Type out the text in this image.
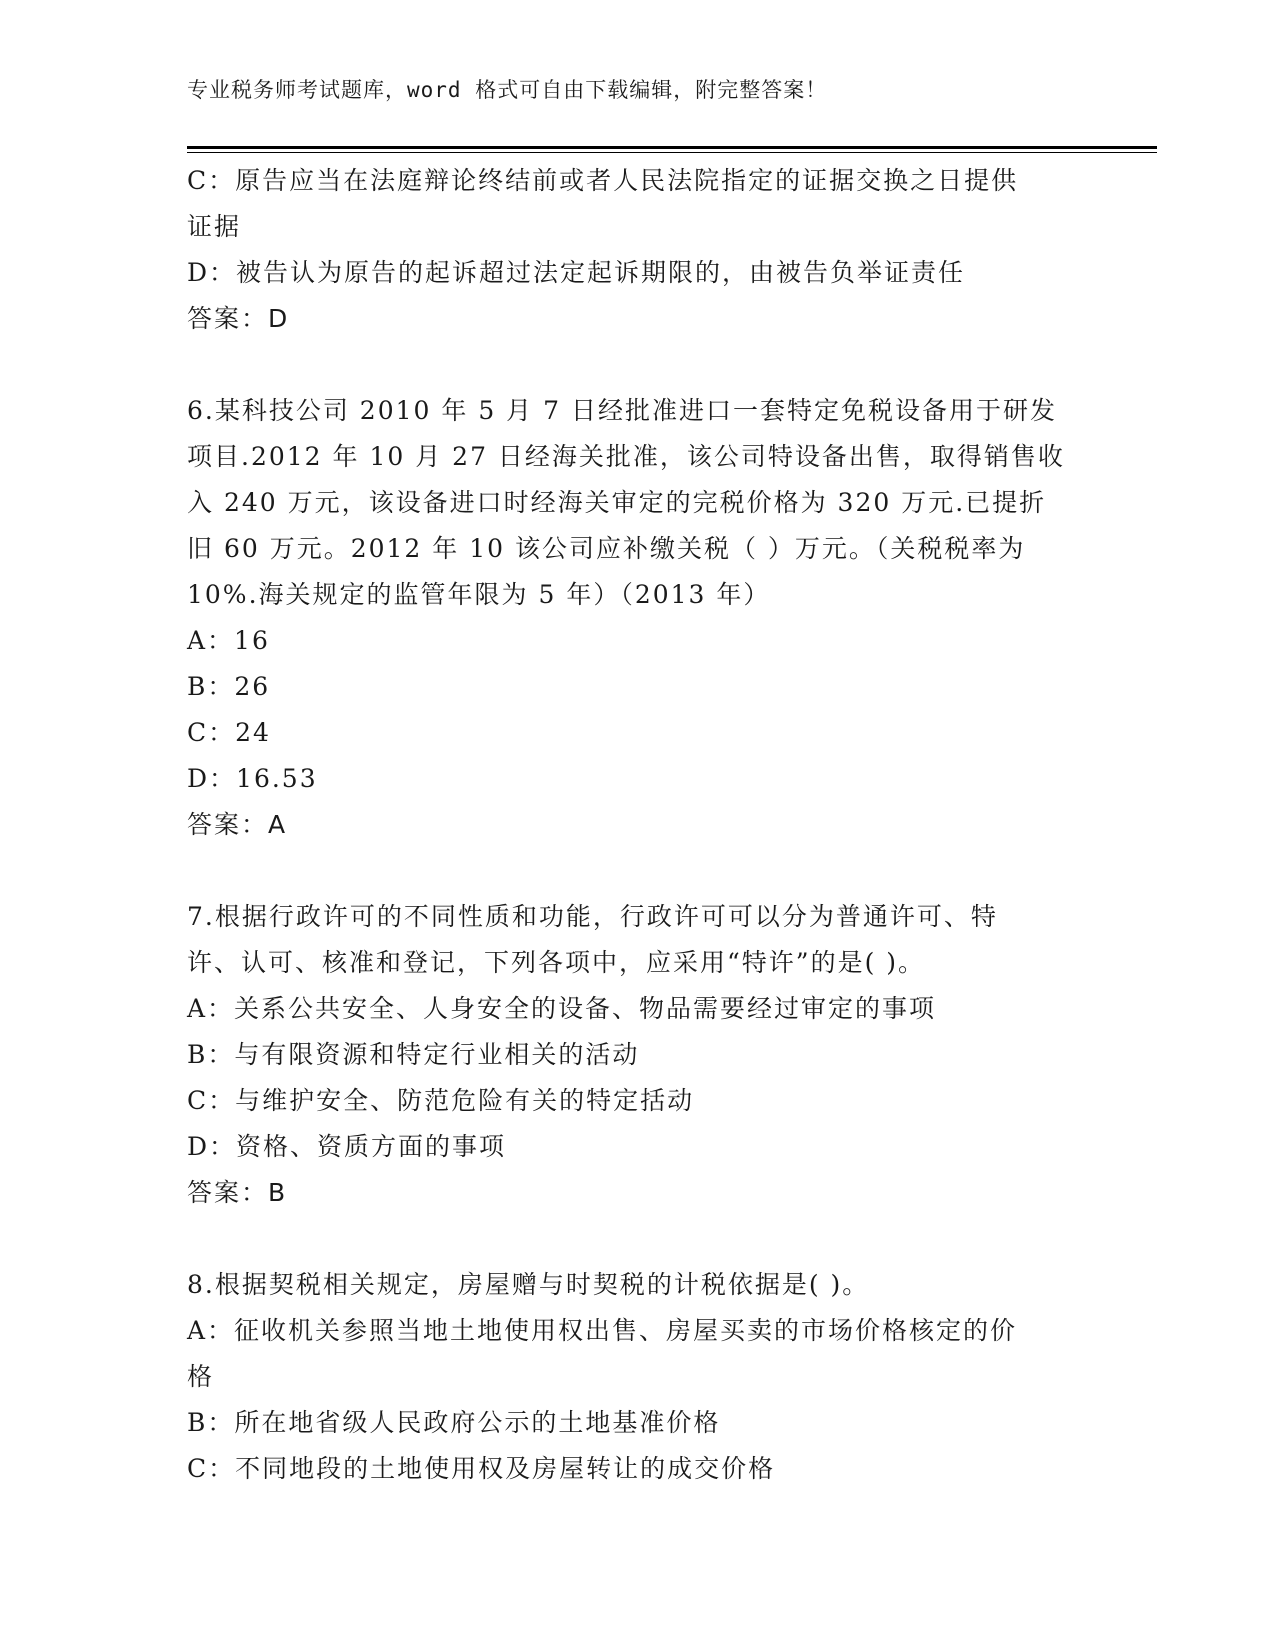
专业税务师考试题库，word 格式可自由下载编辑，附完整答案！
C：原告应当在法庭辩论终结前或者人民法院指定的证据交换之日提供
证据
D：被告认为原告的起诉超过法定起诉期限的，由被告负举证责任
答案：D
6.某科技公司 2010 年 5 月 7 日经批准进口一套特定免税设备用于研发
项目.2012 年 10 月 27 日经海关批准，该公司特设备出售，取得销售收
入 240 万元，该设备进口时经海关审定的完税价格为 320 万元.已提折
旧 60 万元。2012 年 10 该公司应补缴关税（ ）万元。（关税税率为
10%.海关规定的监管年限为 5 年）（2013 年）
A：16
B：26
C：24
D：16.53
答案：A
7.根据行政许可的不同性质和功能，行政许可可以分为普通许可、特
许、认可、核准和登记，下列各项中，应采用“特许”的是( )。
A：关系公共安全、人身安全的设备、物品需要经过审定的事项
B：与有限资源和特定行业相关的活动
C：与维护安全、防范危险有关的特定括动
D：资格、资质方面的事项
答案：B
8.根据契税相关规定，房屋赠与时契税的计税依据是( )。
A：征收机关参照当地土地使用权出售、房屋买卖的市场价格核定的价
格
B：所在地省级人民政府公示的土地基准价格
C：不同地段的土地使用权及房屋转让的成交价格
